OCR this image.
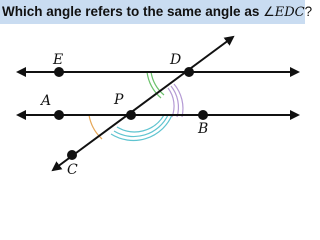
Which angle refers to the same angle as ∠EDC?
E	D
A	P
B
C
